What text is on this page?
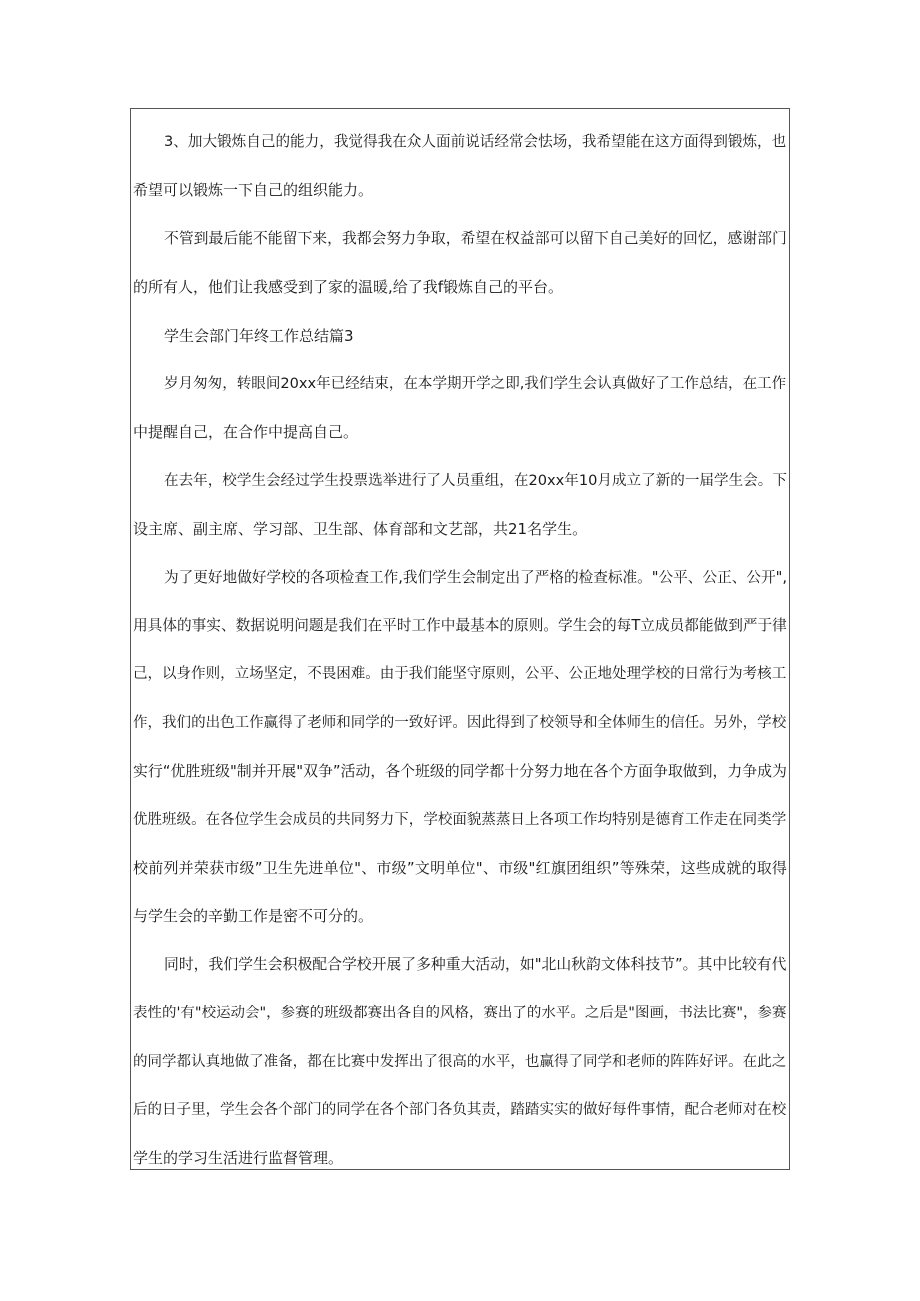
3、加大锻炼自己的能力，我觉得我在众人面前说话经常会怯场，我希望能在这方面得到锻炼，也
希望可以锻炼一下自己的组织能力。
不管到最后能不能留下来，我都会努力争取，希望在权益部可以留下自己美好的回忆，感谢部门
的所有人，他们让我感受到了家的温暖,给了我f锻炼自己的平台。
学生会部门年终工作总结篇3
岁月匆匆，转眼间20xx年已经结束，在本学期开学之即,我们学生会认真做好了工作总结，在工作
中提醒自己，在合作中提高自己。
在去年，校学生会经过学生投票选举进行了人员重组，在20xx年10月成立了新的一届学生会。下
设主席、副主席、学习部、卫生部、体育部和文艺部，共21名学生。
为了更好地做好学校的各项检查工作,我们学生会制定出了严格的检查标准。"公平、公正、公开",
用具体的事实、数据说明问题是我们在平时工作中最基本的原则。学生会的每T立成员都能做到严于律
己，以身作则，立场坚定，不畏困难。由于我们能坚守原则，公平、公正地处理学校的日常行为考核工
作，我们的出色工作赢得了老师和同学的一致好评。因此得到了校领导和全体师生的信任。另外，学校
实行“优胜班级"制并开展"双争”活动，各个班级的同学都十分努力地在各个方面争取做到，力争成为
优胜班级。在各位学生会成员的共同努力下，学校面貌蒸蒸日上各项工作均特别是德育工作走在同类学
校前列并荣获市级”卫生先进单位"、市级”文明单位"、市级"红旗团组织”等殊荣，这些成就的取得
与学生会的辛勤工作是密不可分的。
同时，我们学生会积极配合学校开展了多种重大活动，如"北山秋韵文体科技节”。其中比较有代
表性的'有"校运动会"，参赛的班级都赛出各自的风格，赛出了的水平。之后是"图画，书法比赛"，参赛
的同学都认真地做了准备，都在比赛中发挥出了很高的水平，也赢得了同学和老师的阵阵好评。在此之
后的日子里，学生会各个部门的同学在各个部门各负其责，踏踏实实的做好每件事情，配合老师对在校
学生的学习生活进行监督管理。
